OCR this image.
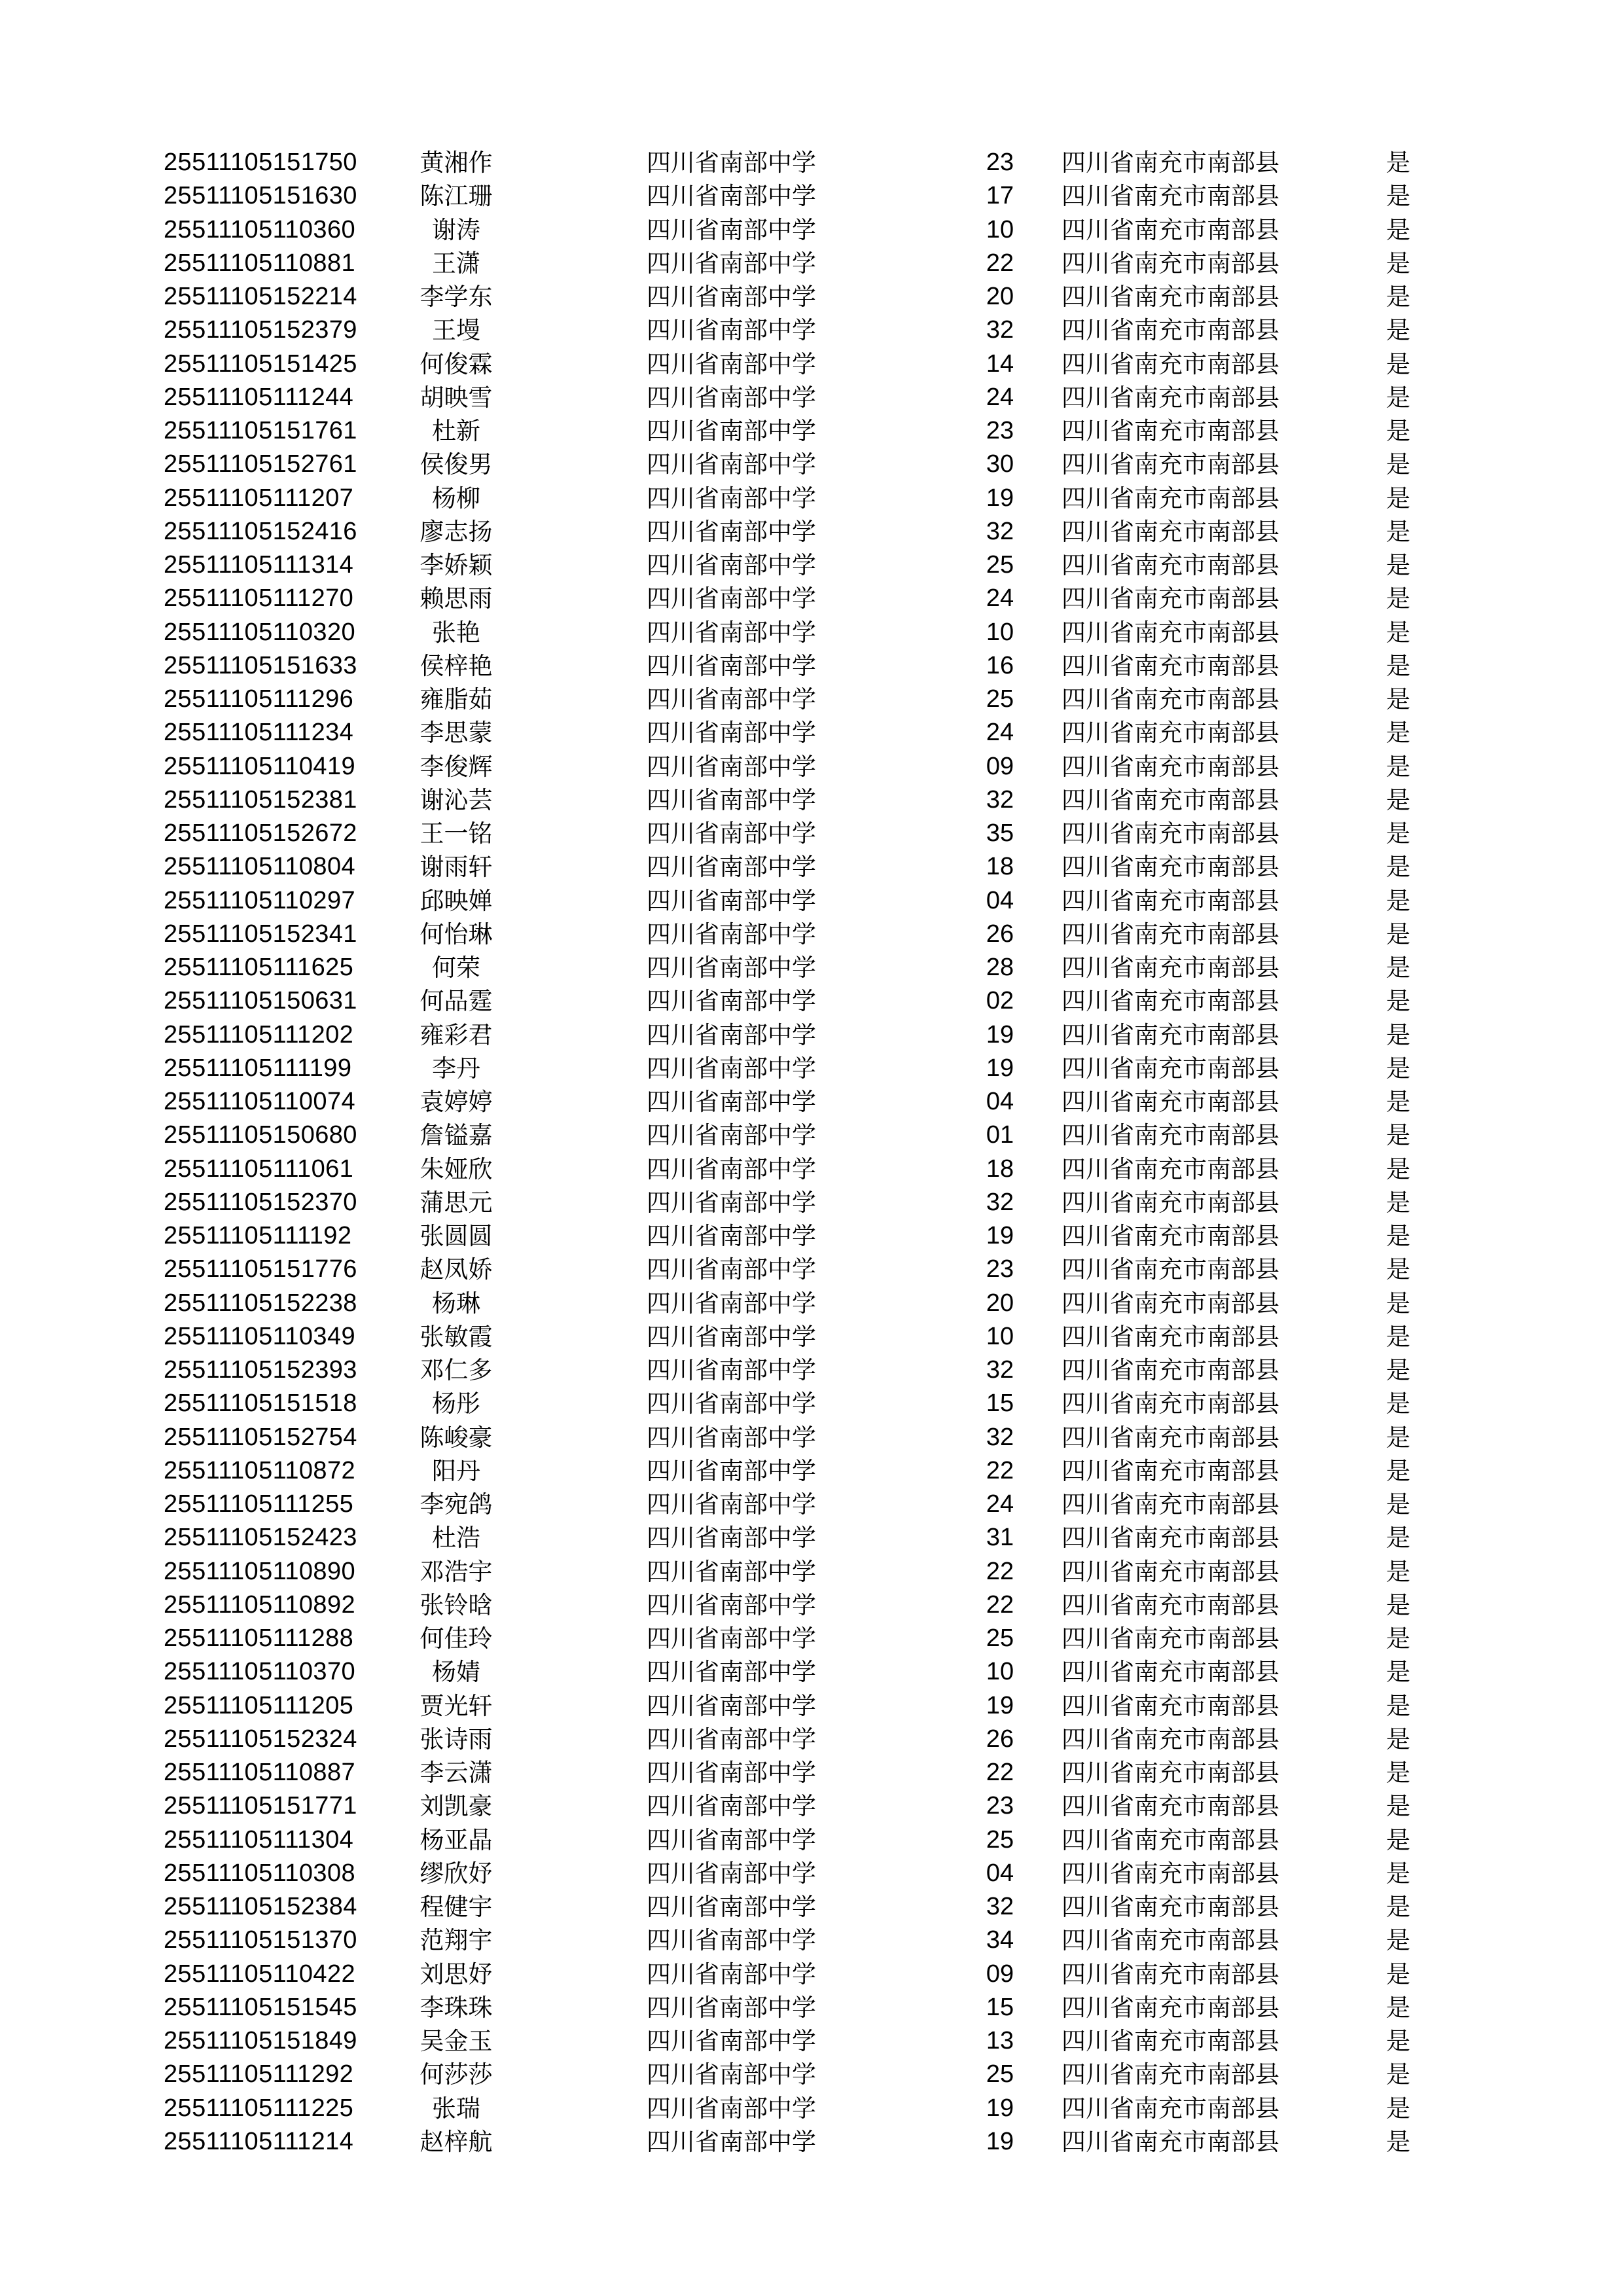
25511105151750	黄湘作	四川省南部中学	23	四川省南充市南部县	是
25511105151630	陈江珊	四川省南部中学	17	四川省南充市南部县	是
25511105110360	谢涛	四川省南部中学	10	四川省南充市南部县	是
25511105110881	王潇	四川省南部中学	22	四川省南充市南部县	是
25511105152214	李学东	四川省南部中学	20	四川省南充市南部县	是
25511105152379	王墁	四川省南部中学	32	四川省南充市南部县	是
25511105151425	何俊霖	四川省南部中学	14	四川省南充市南部县	是
25511105111244	胡映雪	四川省南部中学	24	四川省南充市南部县	是
25511105151761	杜新	四川省南部中学	23	四川省南充市南部县	是
25511105152761	侯俊男	四川省南部中学	30	四川省南充市南部县	是
25511105111207	杨柳	四川省南部中学	19	四川省南充市南部县	是
25511105152416	廖志扬	四川省南部中学	32	四川省南充市南部县	是
25511105111314	李娇颖	四川省南部中学	25	四川省南充市南部县	是
25511105111270	赖思雨	四川省南部中学	24	四川省南充市南部县	是
25511105110320	张艳	四川省南部中学	10	四川省南充市南部县	是
25511105151633	侯梓艳	四川省南部中学	16	四川省南充市南部县	是
25511105111296	雍脂茹	四川省南部中学	25	四川省南充市南部县	是
25511105111234	李思蒙	四川省南部中学	24	四川省南充市南部县	是
25511105110419	李俊辉	四川省南部中学	09	四川省南充市南部县	是
25511105152381	谢沁芸	四川省南部中学	32	四川省南充市南部县	是
25511105152672	王一铭	四川省南部中学	35	四川省南充市南部县	是
25511105110804	谢雨轩	四川省南部中学	18	四川省南充市南部县	是
25511105110297	邱映婵	四川省南部中学	04	四川省南充市南部县	是
25511105152341	何怡琳	四川省南部中学	26	四川省南充市南部县	是
25511105111625	何荣	四川省南部中学	28	四川省南充市南部县	是
25511105150631	何品霆	四川省南部中学	02	四川省南充市南部县	是
25511105111202	雍彩君	四川省南部中学	19	四川省南充市南部县	是
25511105111199	李丹	四川省南部中学	19	四川省南充市南部县	是
25511105110074	袁婷婷	四川省南部中学	04	四川省南充市南部县	是
25511105150680	詹镒嘉	四川省南部中学	01	四川省南充市南部县	是
25511105111061	朱娅欣	四川省南部中学	18	四川省南充市南部县	是
25511105152370	蒲思元	四川省南部中学	32	四川省南充市南部县	是
25511105111192	张圆圆	四川省南部中学	19	四川省南充市南部县	是
25511105151776	赵凤娇	四川省南部中学	23	四川省南充市南部县	是
25511105152238	杨琳	四川省南部中学	20	四川省南充市南部县	是
25511105110349	张敏霞	四川省南部中学	10	四川省南充市南部县	是
25511105152393	邓仁多	四川省南部中学	32	四川省南充市南部县	是
25511105151518	杨彤	四川省南部中学	15	四川省南充市南部县	是
25511105152754	陈峻豪	四川省南部中学	32	四川省南充市南部县	是
25511105110872	阳丹	四川省南部中学	22	四川省南充市南部县	是
25511105111255	李宛鸽	四川省南部中学	24	四川省南充市南部县	是
25511105152423	杜浩	四川省南部中学	31	四川省南充市南部县	是
25511105110890	邓浩宇	四川省南部中学	22	四川省南充市南部县	是
25511105110892	张铃晗	四川省南部中学	22	四川省南充市南部县	是
25511105111288	何佳玲	四川省南部中学	25	四川省南充市南部县	是
25511105110370	杨婧	四川省南部中学	10	四川省南充市南部县	是
25511105111205	贾光轩	四川省南部中学	19	四川省南充市南部县	是
25511105152324	张诗雨	四川省南部中学	26	四川省南充市南部县	是
25511105110887	李云潇	四川省南部中学	22	四川省南充市南部县	是
25511105151771	刘凯豪	四川省南部中学	23	四川省南充市南部县	是
25511105111304	杨亚晶	四川省南部中学	25	四川省南充市南部县	是
25511105110308	缪欣妤	四川省南部中学	04	四川省南充市南部县	是
25511105152384	程健宇	四川省南部中学	32	四川省南充市南部县	是
25511105151370	范翔宇	四川省南部中学	34	四川省南充市南部县	是
25511105110422	刘思妤	四川省南部中学	09	四川省南充市南部县	是
25511105151545	李珠珠	四川省南部中学	15	四川省南充市南部县	是
25511105151849	吴金玉	四川省南部中学	13	四川省南充市南部县	是
25511105111292	何莎莎	四川省南部中学	25	四川省南充市南部县	是
25511105111225	张瑞	四川省南部中学	19	四川省南充市南部县	是
25511105111214	赵梓航	四川省南部中学	19	四川省南充市南部县	是
